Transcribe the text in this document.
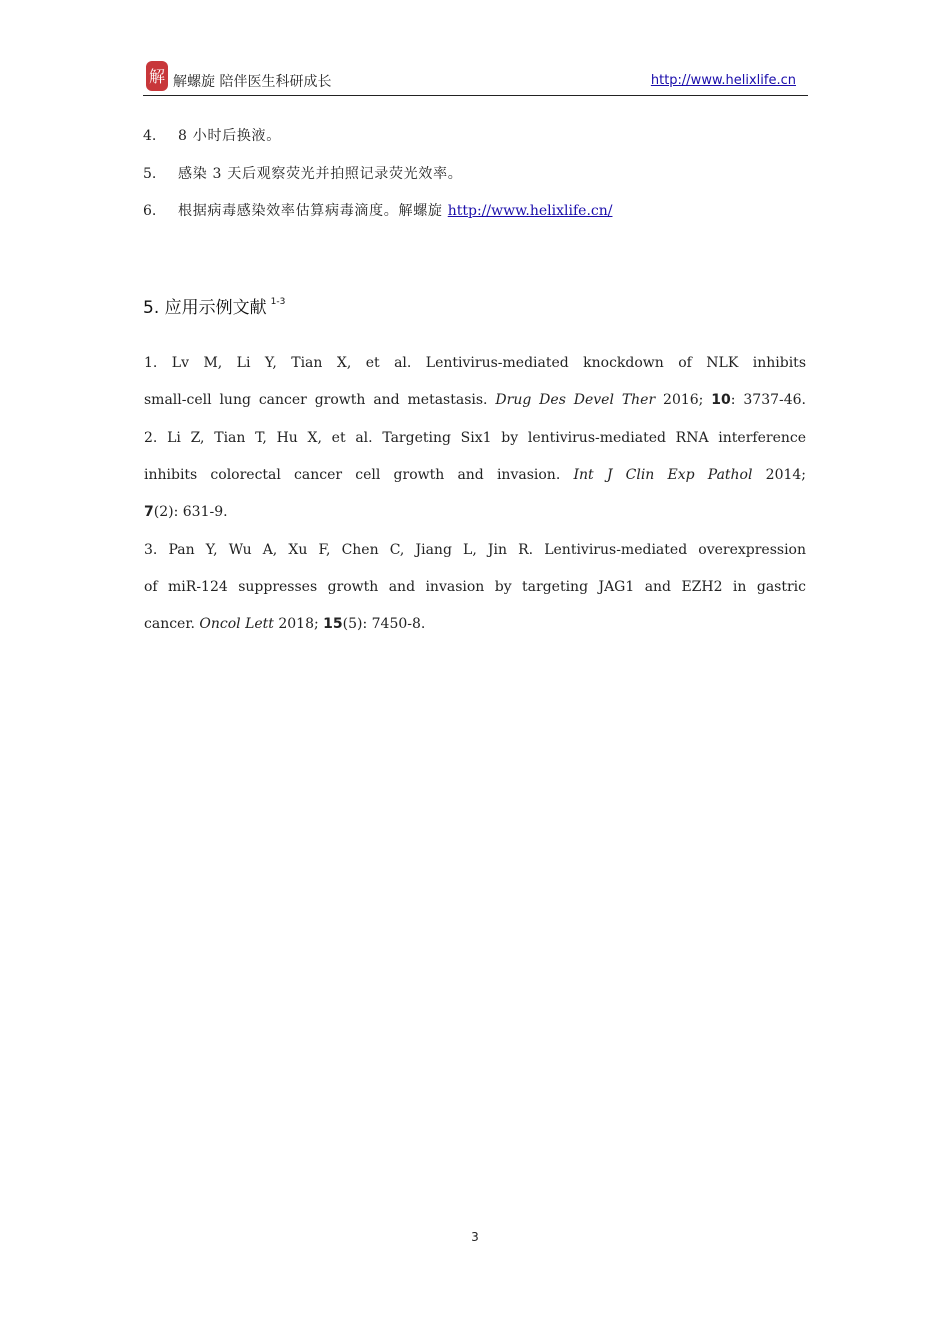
解 解螺旋 陪伴医生科研成长	http://www.helixlife.cn
4. 8 小时后换液。
5. 感染 3 天后观察荧光并拍照记录荧光效率。
6. 根据病毒感染效率估算病毒滴度。解螺旋 http://www.helixlife.cn/
5. 应用示例文献 $^{1-3}$
1. Lv M, Li Y, Tian X, et al. Lentivirus-mediated knockdown of NLK inhibits
small-cell lung cancer growth and metastasis. Drug Des Devel Ther 2016; 10: 3737-46.
2. Li Z, Tian T, Hu X, et al. Targeting Six1 by lentivirus-mediated RNA interference
inhibits colorectal cancer cell growth and invasion. Int J Clin Exp Pathol 2014;
7(2): 631-9.
3. Pan Y, Wu A, Xu F, Chen C, Jiang L, Jin R. Lentivirus-mediated overexpression
of miR-124 suppresses growth and invasion by targeting JAG1 and EZH2 in gastric
cancer. Oncol Lett 2018; 15(5): 7450-8.
3
